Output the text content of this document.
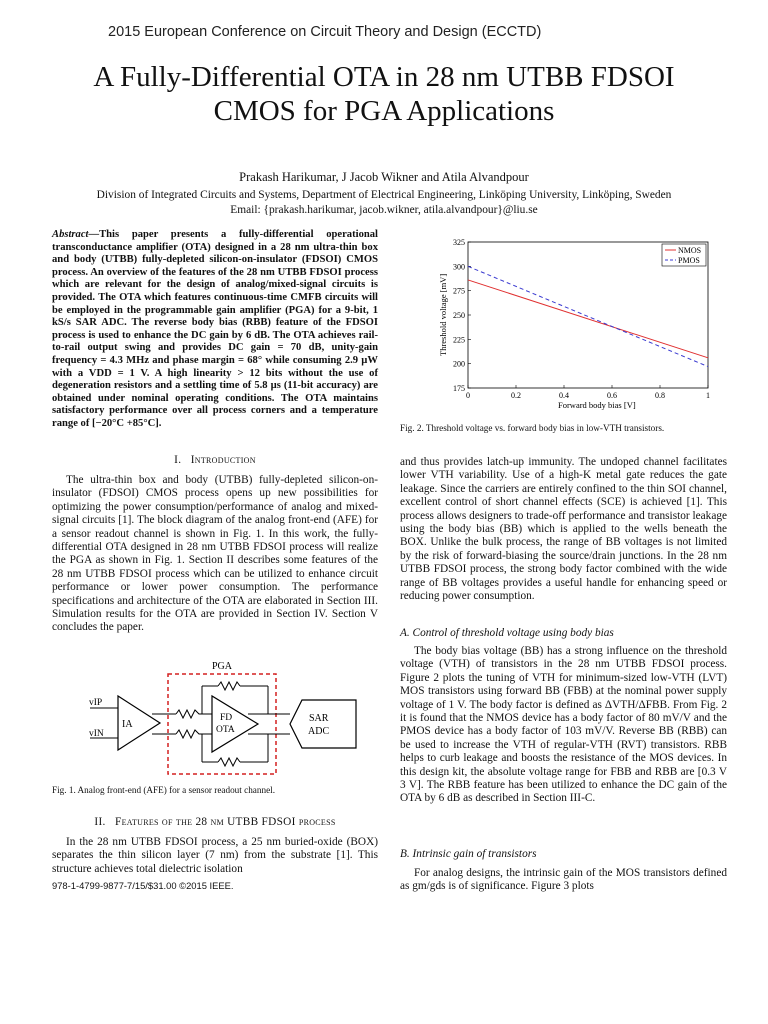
2015 European Conference on Circuit Theory and Design (ECCTD)
A Fully-Differential OTA in 28 nm UTBB FDSOI
CMOS for PGA Applications
Prakash Harikumar, J Jacob Wikner and Atila Alvandpour
Division of Integrated Circuits and Systems, Department of Electrical Engineering, Linköping University, Linköping, Sweden
Email: {prakash.harikumar, jacob.wikner, atila.alvandpour}@liu.se
Abstract—This paper presents a fully-differential operational transconductance amplifier (OTA) designed in a 28 nm ultra-thin box and body (UTBB) fully-depleted silicon-on-insulator (FDSOI) CMOS process. An overview of the features of the 28 nm UTBB FDSOI process which are relevant for the design of analog/mixed-signal circuits is provided. The OTA which features continuous-time CMFB circuits will be employed in the programmable gain amplifier (PGA) for a 9-bit, 1 kS/s SAR ADC. The reverse body bias (RBB) feature of the FDSOI process is used to enhance the DC gain by 6 dB. The OTA achieves rail-to-rail output swing and provides DC gain = 70 dB, unity-gain frequency = 4.3 MHz and phase margin = 68° while consuming 2.9 µW with a VDD = 1 V. A high linearity > 12 bits without the use of degeneration resistors and a settling time of 5.8 µs (11-bit accuracy) are obtained under nominal operating conditions. The OTA maintains satisfactory performance over all process corners and a temperature range of [−20°C +85°C].
I. Introduction

The ultra-thin box and body (UTBB) fully-depleted silicon-on-insulator (FDSOI) CMOS process opens up new possibilities for optimizing the power consumption/performance of analog and mixed-signal circuits [1]. The block diagram of the analog front-end (AFE) for a sensor readout channel is shown in Fig. 1. In this work, the fully-differential OTA designed in 28 nm UTBB FDSOI process will realize the PGA as shown in Fig. 1. Section II describes some features of the 28 nm UTBB FDSOI process which can be utilized to enhance circuit performance or lower power consumption. The performance specifications and architecture of the OTA are elaborated in Section III. Simulation results for the OTA are provided in Section IV. Section V concludes the paper.

PGA
vIP
vIN
IA
FD
OTA
SAR
ADC
Fig. 1. Analog front-end (AFE) for a sensor readout channel.
II. Features of the 28 nm UTBB FDSOI process

In the 28 nm UTBB FDSOI process, a 25 nm buried-oxide (BOX) separates the thin silicon layer (7 nm) from the substrate [1]. This structure achieves total dielectric isolation

978-1-4799-9877-7/15/$31.00 ©2015 IEEE.
175
200
225
250
275
300
325
0	0.2	0.4	0.6	0.8	1
Threshold voltage [mV]
Forward body bias [V]
NMOS
PMOS
Fig. 2. Threshold voltage vs. forward body bias in low-VTH transistors.

and thus provides latch-up immunity. The undoped channel facilitates lower VTH variability. Use of a high-K metal gate reduces the gate leakage. Since the carriers are entirely confined to the thin SOI channel, excellent control of short channel effects (SCE) is achieved [1]. This process allows designers to trade-off performance and transistor leakage using the body bias (BB) which is applied to the wells beneath the BOX. Unlike the bulk process, the range of BB voltages is not limited by the risk of forward-biasing the source/drain junctions. In the 28 nm UTBB FDSOI process, the strong body factor combined with the wide range of BB voltages provides a useful handle for enhancing speed or reducing power consumption.

A. Control of threshold voltage using body bias

The body bias voltage (BB) has a strong influence on the threshold voltage (VTH) of transistors in the 28 nm UTBB FDSOI process. Figure 2 plots the tuning of VTH for minimum-sized low-VTH (LVT) MOS transistors using forward BB (FBB) at the nominal power supply voltage of 1 V. The body factor is defined as ΔVTH/ΔFBB. From Fig. 2 it is found that the NMOS device has a body factor of 80 mV/V and the PMOS device has a body factor of 103 mV/V. Reverse BB (RBB) can be used to increase the VTH of regular-VTH (RVT) transistors. RBB helps to curb leakage and boosts the resistance of the MOS devices. In this design kit, the absolute voltage range for FBB and RBB are [0.3 V 3 V]. The RBB feature has been utilized to enhance the DC gain of the OTA by 6 dB as described in Section III-C.

B. Intrinsic gain of transistors

For analog designs, the intrinsic gain of the MOS transistors defined as gm/gds is of significance. Figure 3 plots
